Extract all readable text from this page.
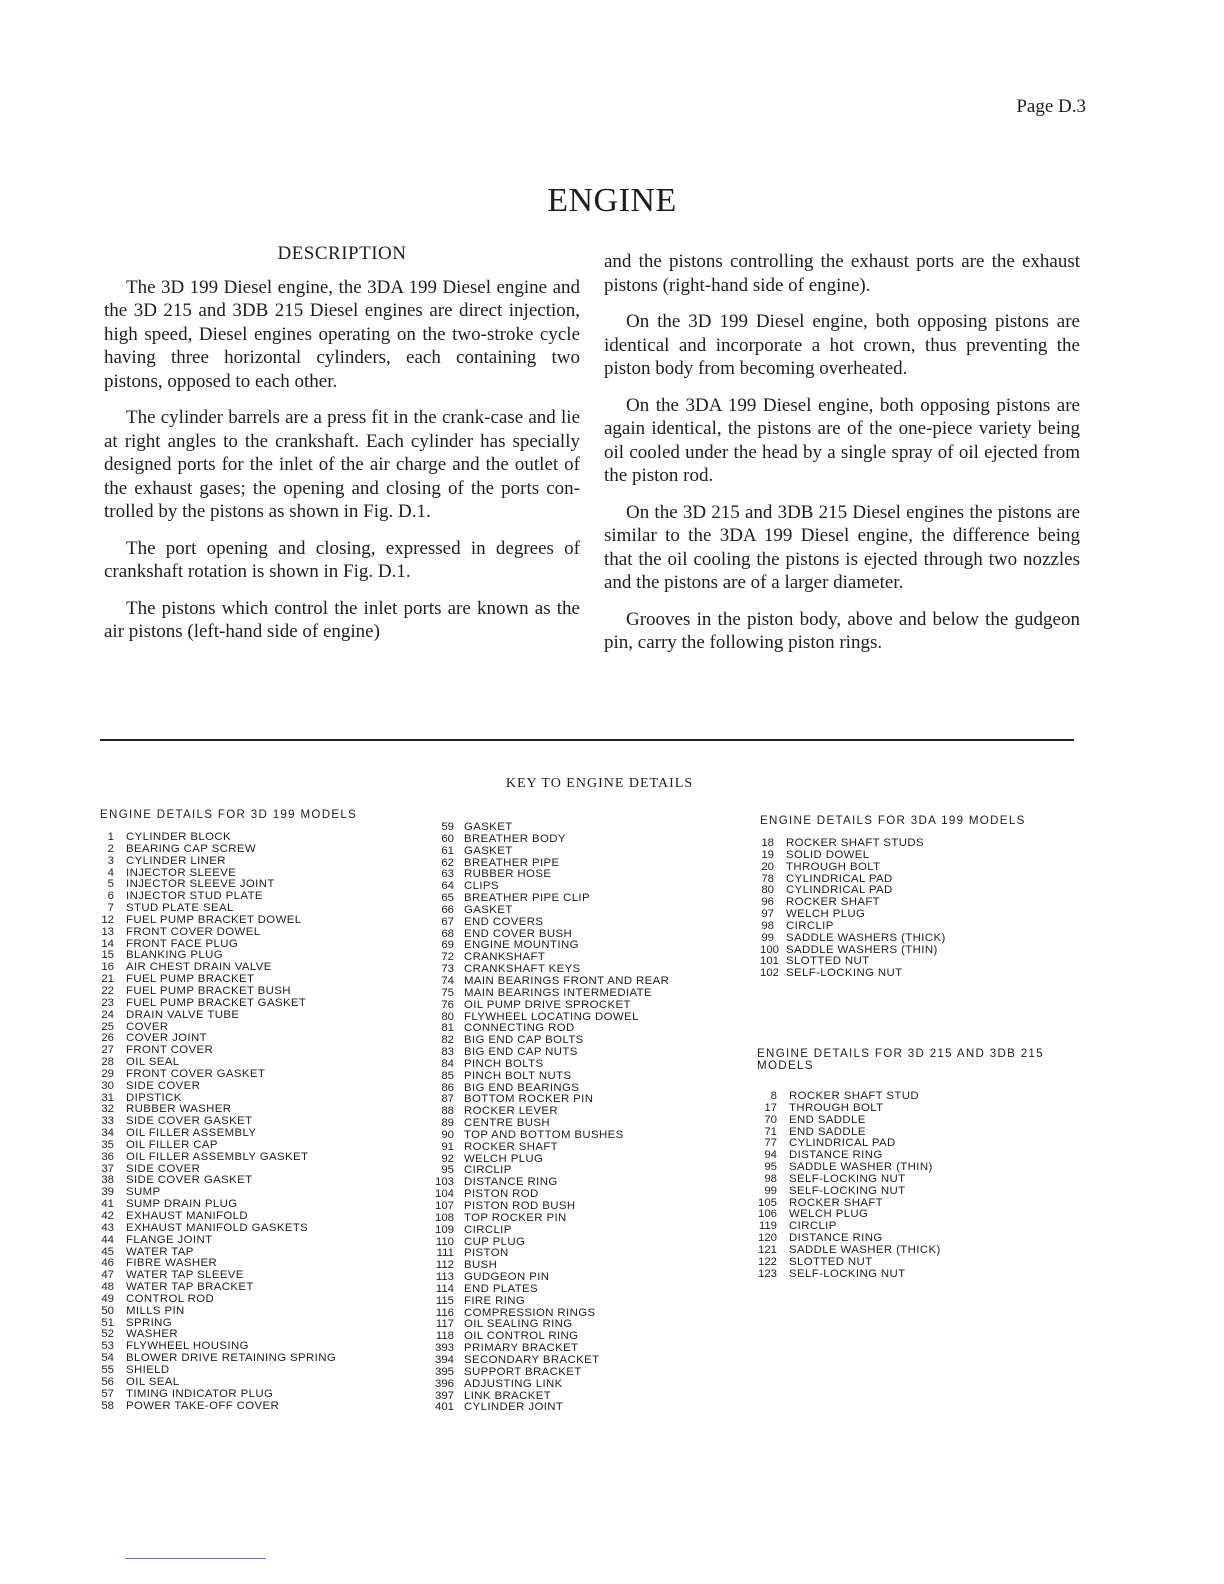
Page D.3
ENGINE
DESCRIPTION

The 3D 199 Diesel engine, the 3DA 199 Diesel engine and the 3D 215 and 3DB 215 Diesel engines are direct injection, high speed, Diesel engines operating on the two-stroke cycle having three horizontal cylinders, each containing two pistons, opposed to each other.

The cylinder barrels are a press fit in the crank-case and lie at right angles to the crankshaft. Each cylinder has specially designed ports for the inlet of the air charge and the outlet of the exhaust gases; the opening and closing of the ports con-trolled by the pistons as shown in Fig. D.1.

The port opening and closing, expressed in degrees of crankshaft rotation is shown in Fig. D.1.

The pistons which control the inlet ports are known as the air pistons (left-hand side of engine)

and the pistons controlling the exhaust ports are the exhaust pistons (right-hand side of engine).

On the 3D 199 Diesel engine, both opposing pistons are identical and incorporate a hot crown, thus preventing the piston body from becoming overheated.

On the 3DA 199 Diesel engine, both opposing pistons are again identical, the pistons are of the one-piece variety being oil cooled under the head by a single spray of oil ejected from the piston rod.

On the 3D 215 and 3DB 215 Diesel engines the pistons are similar to the 3DA 199 Diesel engine, the difference being that the oil cooling the pistons is ejected through two nozzles and the pistons are of a larger diameter.

Grooves in the piston body, above and below the gudgeon pin, carry the following piston rings.

KEY TO ENGINE DETAILS
ENGINE DETAILS FOR 3D 199 MODELS
1	CYLINDER BLOCK
2	BEARING CAP SCREW
3	CYLINDER LINER
4	INJECTOR SLEEVE
5	INJECTOR SLEEVE JOINT
6	INJECTOR STUD PLATE
7	STUD PLATE SEAL
12	FUEL PUMP BRACKET DOWEL
13	FRONT COVER DOWEL
14	FRONT FACE PLUG
15	BLANKING PLUG
16	AIR CHEST DRAIN VALVE
21	FUEL PUMP BRACKET
22	FUEL PUMP BRACKET BUSH
23	FUEL PUMP BRACKET GASKET
24	DRAIN VALVE TUBE
25	COVER
26	COVER JOINT
27	FRONT COVER
28	OIL SEAL
29	FRONT COVER GASKET
30	SIDE COVER
31	DIPSTICK
32	RUBBER WASHER
33	SIDE COVER GASKET
34	OIL FILLER ASSEMBLY
35	OIL FILLER CAP
36	OIL FILLER ASSEMBLY GASKET
37	SIDE COVER
38	SIDE COVER GASKET
39	SUMP
41	SUMP DRAIN PLUG
42	EXHAUST MANIFOLD
43	EXHAUST MANIFOLD GASKETS
44	FLANGE JOINT
45	WATER TAP
46	FIBRE WASHER
47	WATER TAP SLEEVE
48	WATER TAP BRACKET
49	CONTROL ROD
50	MILLS PIN
51	SPRING
52	WASHER
53	FLYWHEEL HOUSING
54	BLOWER DRIVE RETAINING SPRING
55	SHIELD
56	OIL SEAL
57	TIMING INDICATOR PLUG
58	POWER TAKE-OFF COVER
59 GASKET
60 BREATHER BODY
61 GASKET
62 BREATHER PIPE
63 RUBBER HOSE
64 CLIPS
65 BREATHER PIPE CLIP
66 GASKET
67 END COVERS
68 END COVER BUSH
69 ENGINE MOUNTING
72 CRANKSHAFT
73 CRANKSHAFT KEYS
74 MAIN BEARINGS FRONT AND REAR
75 MAIN BEARINGS INTERMEDIATE
76 OIL PUMP DRIVE SPROCKET
80 FLYWHEEL LOCATING DOWEL
81 CONNECTING ROD
82 BIG END CAP BOLTS
83 BIG END CAP NUTS
84 PINCH BOLTS
85 PINCH BOLT NUTS
86 BIG END BEARINGS
87 BOTTOM ROCKER PIN
88 ROCKER LEVER
89 CENTRE BUSH
90 TOP AND BOTTOM BUSHES
91 ROCKER SHAFT
92 WELCH PLUG
95 CIRCLIP
103 DISTANCE RING
104 PISTON ROD
107 PISTON ROD BUSH
108 TOP ROCKER PIN
109 CIRCLIP
110 CUP PLUG
111 PISTON
112 BUSH
113 GUDGEON PIN
114 END PLATES
115 FIRE RING
116 COMPRESSION RINGS
117 OIL SEALING RING
118 OIL CONTROL RING
393 PRIMARY BRACKET
394 SECONDARY BRACKET
395 SUPPORT BRACKET
396 ADJUSTING LINK
397 LINK BRACKET
401 CYLINDER JOINT
ENGINE DETAILS FOR 3DA 199 MODELS
18	ROCKER SHAFT STUDS
19	SOLID DOWEL
20	THROUGH BOLT
78	CYLINDRICAL PAD
80	CYLINDRICAL PAD
96	ROCKER SHAFT
97	WELCH PLUG
98	CIRCLIP
99	SADDLE WASHERS (THICK)
100 SADDLE WASHERS (THIN)
101 SLOTTED NUT
102 SELF-LOCKING NUT
ENGINE DETAILS FOR 3D 215 AND 3DB 215 MODELS
8	ROCKER SHAFT STUD
17	THROUGH BOLT
70	END SADDLE
71	END SADDLE
77	CYLINDRICAL PAD
94	DISTANCE RING
95	SADDLE WASHER (THIN)
98	SELF-LOCKING NUT
99	SELF-LOCKING NUT
105	ROCKER SHAFT
106	WELCH PLUG
119	CIRCLIP
120	DISTANCE RING
121	SADDLE WASHER (THICK)
122	SLOTTED NUT
123	SELF-LOCKING NUT
